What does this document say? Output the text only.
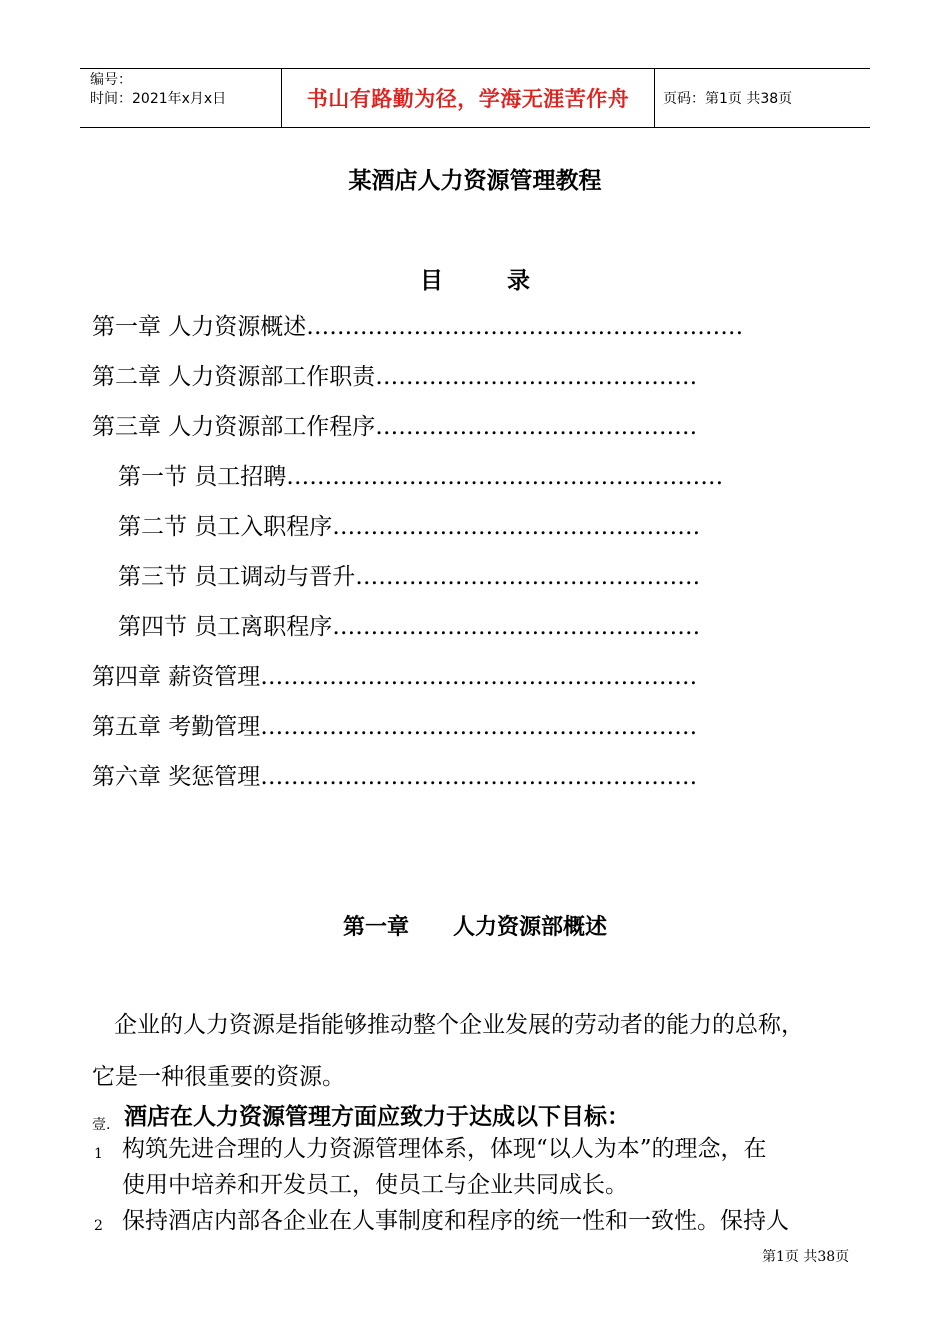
编号：
时间：2021年x月x日	书山有路勤为径，学海无涯苦作舟	页码：第1页 共38页
某酒店人力资源管理教程
目 录
第一章 人力资源概述…………………………………………………
第二章 人力资源部工作职责……………………………………
第三章 人力资源部工作程序……………………………………
第一节 员工招聘…………………………………………………
第二节 员工入职程序…………………………………………
第三节 员工调动与晋升………………………………………
第四节 员工离职程序…………………………………………
第四章 薪资管理…………………………………………………
第五章 考勤管理…………………………………………………
第六章 奖惩管理…………………………………………………
第一章　　人力资源部概述
企业的人力资源是指能够推动整个企业发展的劳动者的能力的总称，
它是一种很重要的资源。
壹. 酒店在人力资源管理方面应致力于达成以下目标：
1 构筑先进合理的人力资源管理体系，体现“以人为本”的理念，在
使用中培养和开发员工，使员工与企业共同成长。
2 保持酒店内部各企业在人事制度和程序的统一性和一致性。保持人
第1页 共38页
